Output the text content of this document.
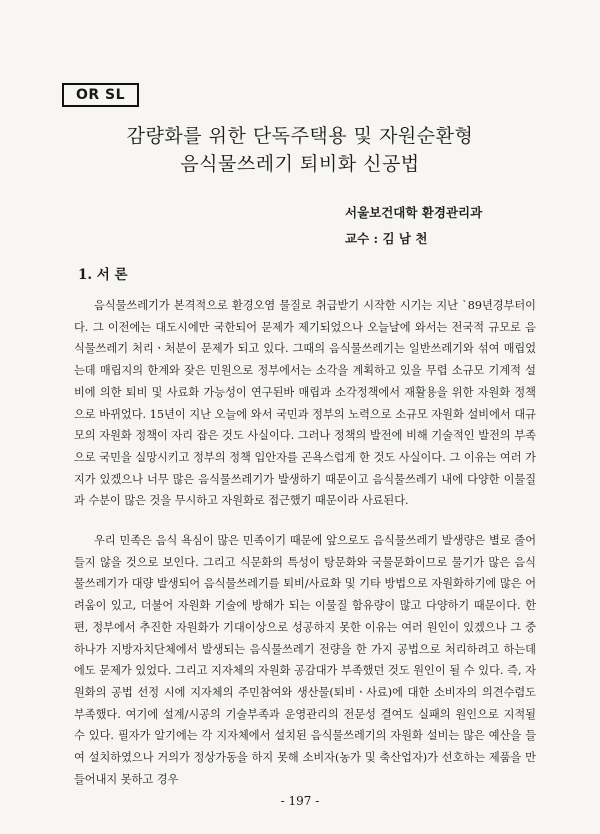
OR SL
감량화를 위한 단독주택용 및 자원순환형
음식물쓰레기 퇴비화 신공법
서울보건대학 환경관리과
교수 : 김 남 천
1. 서 론

음식물쓰레기가 본격적으로 환경오염 물질로 취급받기 시작한 시기는 지난 `89년경부터이다. 그 이전에는 대도시에만 국한되어 문제가 제기되었으나 오늘날에 와서는 전국적 규모로 음식물쓰레기 처리ㆍ처분이 문제가 되고 있다. 그때의 음식물쓰레기는 일반쓰레기와 섞여 매립었는데 매립지의 한계와 잦은 민원으로 정부에서는 소각을 계획하고 있을 무렵 소규모 기계적 설비에 의한 퇴비 및 사료화 가능성이 연구된바 매립과 소각정책에서 재활용을 위한 자원화 정책으로 바뀌었다. 15년이 지난 오늘에 와서 국민과 정부의 노력으로 소규모 자원화 설비에서 대규모의 자원화 정책이 자리 잡은 것도 사실이다. 그러나 정책의 발전에 비해 기술적인 발전의 부족으로 국민을 실망시키고 정부의 정책 입안자를 곤욕스럽게 한 것도 사실이다. 그 이유는 여러 가지가 있겠으나 너무 많은 음식물쓰레기가 발생하기 때문이고 음식물쓰레기 내에 다양한 이물질과 수분이 많은 것을 무시하고 자원화로 접근했기 때문이라 사료된다.

우리 민족은 음식 욕심이 많은 민족이기 때문에 앞으로도 음식물쓰레기 발생량은 별로 줄어들지 않을 것으로 보인다. 그리고 식문화의 특성이 탕문화와 국물문화이므로 물기가 많은 음식물쓰레기가 대량 발생되어 음식물쓰레기를 퇴비/사료화 및 기타 방법으로 자원화하기에 많은 어려움이 있고, 더불어 자원화 기술에 방해가 되는 이물질 함유량이 많고 다양하기 때문이다. 한편, 정부에서 추진한 자원화가 기대이상으로 성공하지 못한 이유는 여러 원인이 있겠으나 그 중 하나가 지방자치단체에서 발생되는 음식물쓰레기 전량을 한 가지 공법으로 처리하려고 하는데에도 문제가 있었다. 그리고 지자체의 자원화 공감대가 부족했던 것도 원인이 될 수 있다. 즉, 자원화의 공법 선정 시에 지자체의 주민참여와 생산물(퇴비ㆍ사료)에 대한 소비자의 의견수렴도 부족했다. 여기에 설계/시공의 기술부족과 운영관리의 전문성 결여도 실패의 원인으로 지적될 수 있다. 필자가 알기에는 각 지자체에서 설치된 음식물쓰레기의 자원화 설비는 많은 예산을 들여 설치하였으나 거의가 정상가동을 하지 못해 소비자(농가 및 축산업자)가 선호하는 제품을 만들어내지 못하고 경우

- 197 -
